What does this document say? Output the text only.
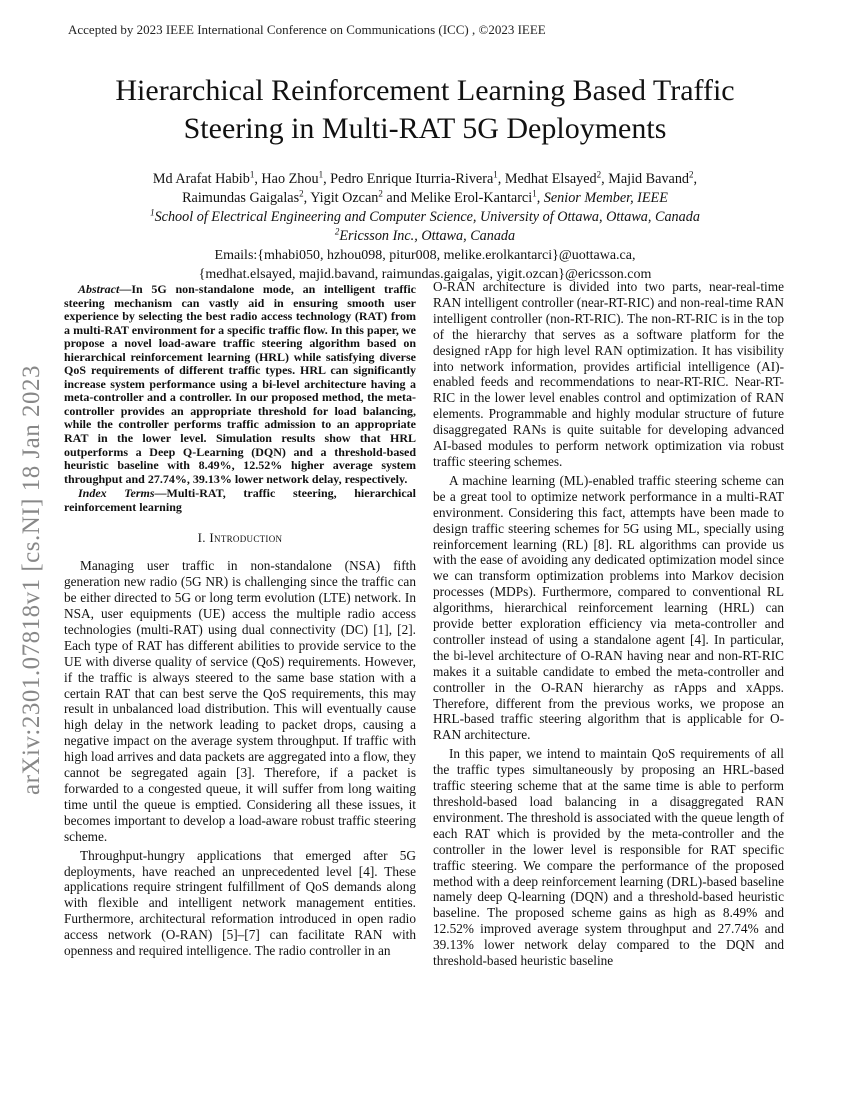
Accepted by 2023 IEEE International Conference on Communications (ICC) , ©2023 IEEE
arXiv:2301.07818v1 [cs.NI] 18 Jan 2023
Hierarchical Reinforcement Learning Based Traffic
Steering in Multi-RAT 5G Deployments
Md Arafat Habib$^1$, Hao Zhou$^1$, Pedro Enrique Iturria-Rivera$^1$, Medhat Elsayed$^2$, Majid Bavand$^2$,
Raimundas Gaigalas$^2$, Yigit Ozcan$^2$ and Melike Erol-Kantarci$^1$, Senior Member, IEEE
$^1$School of Electrical Engineering and Computer Science, University of Ottawa, Ottawa, Canada
$^2$Ericsson Inc., Ottawa, Canada
Emails:{mhabi050, hzhou098, pitur008, melike.erolkantarci}@uottawa.ca,
{medhat.elsayed, majid.bavand, raimundas.gaigalas, yigit.ozcan}@ericsson.com

Abstract—In 5G non-standalone mode, an intelligent traffic steering mechanism can vastly aid in ensuring smooth user experience by selecting the best radio access technology (RAT) from a multi-RAT environment for a specific traffic flow. In this paper, we propose a novel load-aware traffic steering algorithm based on hierarchical reinforcement learning (HRL) while satisfying diverse QoS requirements of different traffic types. HRL can significantly increase system performance using a bi-level architecture having a meta-controller and a controller. In our proposed method, the meta-controller provides an appropriate threshold for load balancing, while the controller performs traffic admission to an appropriate RAT in the lower level. Simulation results show that HRL outperforms a Deep Q-Learning (DQN) and a threshold-based heuristic baseline with 8.49%, 12.52% higher average system throughput and 27.74%, 39.13% lower network delay, respectively.

Index Terms—Multi-RAT, traffic steering, hierarchical reinforcement learning

I. Introduction

Managing user traffic in non-standalone (NSA) fifth generation new radio (5G NR) is challenging since the traffic can be either directed to 5G or long term evolution (LTE) network. In NSA, user equipments (UE) access the multiple radio access technologies (multi-RAT) using dual connectivity (DC) [1], [2]. Each type of RAT has different abilities to provide service to the UE with diverse quality of service (QoS) requirements. However, if the traffic is always steered to the same base station with a certain RAT that can best serve the QoS requirements, this may result in unbalanced load distribution. This will eventually cause high delay in the network leading to packet drops, causing a negative impact on the average system throughput. If traffic with high load arrives and data packets are aggregated into a flow, they cannot be segregated again [3]. Therefore, if a packet is forwarded to a congested queue, it will suffer from long waiting time until the queue is emptied. Considering all these issues, it becomes important to develop a load-aware robust traffic steering scheme.

Throughput-hungry applications that emerged after 5G deployments, have reached an unprecedented level [4]. These applications require stringent fulfillment of QoS demands along with flexible and intelligent network management entities. Furthermore, architectural reformation introduced in open radio access network (O-RAN) [5]–[7] can facilitate RAN with openness and required intelligence. The radio controller in an

O-RAN architecture is divided into two parts, near-real-time RAN intelligent controller (near-RT-RIC) and non-real-time RAN intelligent controller (non-RT-RIC). The non-RT-RIC is in the top of the hierarchy that serves as a software platform for the designed rApp for high level RAN optimization. It has visibility into network information, provides artificial intelligence (AI)-enabled feeds and recommendations to near-RT-RIC. Near-RT-RIC in the lower level enables control and optimization of RAN elements. Programmable and highly modular structure of future disaggregated RANs is quite suitable for developing advanced AI-based modules to perform network optimization via robust traffic steering schemes.

A machine learning (ML)-enabled traffic steering scheme can be a great tool to optimize network performance in a multi-RAT environment. Considering this fact, attempts have been made to design traffic steering schemes for 5G using ML, specially using reinforcement learning (RL) [8]. RL algorithms can provide us with the ease of avoiding any dedicated optimization model since we can transform optimization problems into Markov decision processes (MDPs). Furthermore, compared to conventional RL algorithms, hierarchical reinforcement learning (HRL) can provide better exploration efficiency via meta-controller and controller instead of using a standalone agent [4]. In particular, the bi-level architecture of O-RAN having near and non-RT-RIC makes it a suitable candidate to embed the meta-controller and controller in the O-RAN hierarchy as rApps and xApps. Therefore, different from the previous works, we propose an HRL-based traffic steering algorithm that is applicable for O-RAN architecture.

In this paper, we intend to maintain QoS requirements of all the traffic types simultaneously by proposing an HRL-based traffic steering scheme that at the same time is able to perform threshold-based load balancing in a disaggregated RAN environment. The threshold is associated with the queue length of each RAT which is provided by the meta-controller and the controller in the lower level is responsible for RAT specific traffic steering. We compare the performance of the proposed method with a deep reinforcement learning (DRL)-based baseline namely deep Q-learning (DQN) and a threshold-based heuristic baseline. The proposed scheme gains as high as 8.49% and 12.52% improved average system throughput and 27.74% and 39.13% lower network delay compared to the DQN and threshold-based heuristic baseline
